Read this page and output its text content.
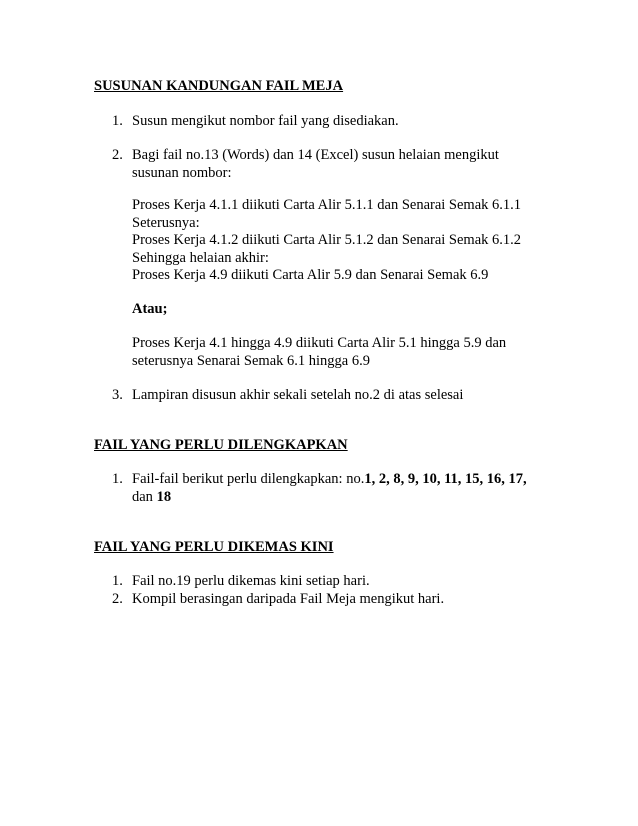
SUSUNAN KANDUNGAN FAIL MEJA
1. Susun mengikut nombor fail yang disediakan.
2. Bagi fail no.13 (Words) dan 14 (Excel) susun helaian mengikut
susunan nombor:
Proses Kerja 4.1.1 diikuti Carta Alir 5.1.1 dan Senarai Semak 6.1.1
Seterusnya:
Proses Kerja 4.1.2 diikuti Carta Alir 5.1.2 dan Senarai Semak 6.1.2
Sehingga helaian akhir:
Proses Kerja 4.9 diikuti Carta Alir 5.9 dan Senarai Semak 6.9
Atau;
Proses Kerja 4.1 hingga 4.9 diikuti Carta Alir 5.1 hingga 5.9 dan
seterusnya Senarai Semak 6.1 hingga 6.9
3. Lampiran disusun akhir sekali setelah no.2 di atas selesai
FAIL YANG PERLU DILENGKAPKAN
1. Fail-fail berikut perlu dilengkapkan: no.1, 2, 8, 9, 10, 11, 15, 16, 17,
dan 18
FAIL YANG PERLU DIKEMAS KINI
1. Fail no.19 perlu dikemas kini setiap hari.
2. Kompil berasingan daripada Fail Meja mengikut hari.
